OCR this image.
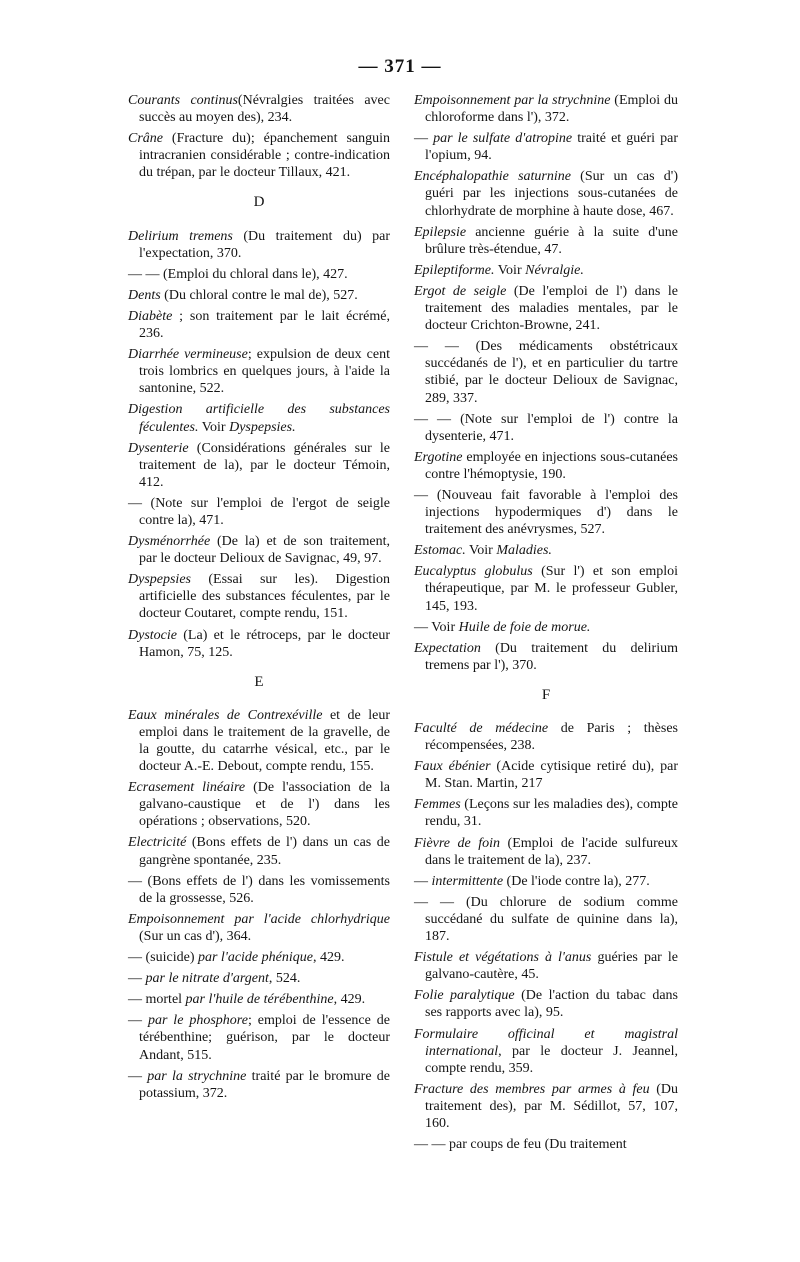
— 371 —

Courants continus(Névralgies traitées avec succès au moyen des), 234.

Crâne (Fracture du); épanchement sanguin intracranien considérable ; contre-indication du trépan, par le docteur Tillaux, 421.

D

Delirium tremens (Du traitement du) par l'expectation, 370.

— — (Emploi du chloral dans le), 427.

Dents (Du chloral contre le mal de), 527.

Diabète ; son traitement par le lait écrémé, 236.

Diarrhée vermineuse; expulsion de deux cent trois lombrics en quelques jours, à l'aide la santonine, 522.

Digestion artificielle des substances féculentes. Voir Dyspepsies.

Dysenterie (Considérations générales sur le traitement de la), par le docteur Témoin, 412.

— (Note sur l'emploi de l'ergot de seigle contre la), 471.

Dysménorrhée (De la) et de son traitement, par le docteur Delioux de Savignac, 49, 97.

Dyspepsies (Essai sur les). Digestion artificielle des substances féculentes, par le docteur Coutaret, compte rendu, 151.

Dystocie (La) et le rétroceps, par le docteur Hamon, 75, 125.

E

Eaux minérales de Contrexéville et de leur emploi dans le traitement de la gravelle, de la goutte, du catarrhe vésical, etc., par le docteur A.-E. Debout, compte rendu, 155.

Ecrasement linéaire (De l'association de la galvano-caustique et de l') dans les opérations ; observations, 520.

Electricité (Bons effets de l') dans un cas de gangrène spontanée, 235.

— (Bons effets de l') dans les vomissements de la grossesse, 526.

Empoisonnement par l'acide chlorhydrique (Sur un cas d'), 364.

— (suicide) par l'acide phénique, 429.

— par le nitrate d'argent, 524.

— mortel par l'huile de térébenthine, 429.

— par le phosphore; emploi de l'essence de térébenthine; guérison, par le docteur Andant, 515.

— par la strychnine traité par le bromure de potassium, 372.

Empoisonnement par la strychnine (Emploi du chloroforme dans l'), 372.

— par le sulfate d'atropine traité et guéri par l'opium, 94.

Encéphalopathie saturnine (Sur un cas d') guéri par les injections sous-cutanées de chlorhydrate de morphine à haute dose, 467.

Epilepsie ancienne guérie à la suite d'une brûlure très-étendue, 47.

Epileptiforme. Voir Névralgie.

Ergot de seigle (De l'emploi de l') dans le traitement des maladies mentales, par le docteur Crichton-Browne, 241.

— — (Des médicaments obstétricaux succédanés de l'), et en particulier du tartre stibié, par le docteur Delioux de Savignac, 289, 337.

— — (Note sur l'emploi de l') contre la dysenterie, 471.

Ergotine employée en injections sous-cutanées contre l'hémoptysie, 190.

— (Nouveau fait favorable à l'emploi des injections hypodermiques d') dans le traitement des anévrysmes, 527.

Estomac. Voir Maladies.

Eucalyptus globulus (Sur l') et son emploi thérapeutique, par M. le professeur Gubler, 145, 193.

— Voir Huile de foie de morue.

Expectation (Du traitement du delirium tremens par l'), 370.

F

Faculté de médecine de Paris ; thèses récompensées, 238.

Faux ébénier (Acide cytisique retiré du), par M. Stan. Martin, 217

Femmes (Leçons sur les maladies des), compte rendu, 31.

Fièvre de foin (Emploi de l'acide sulfureux dans le traitement de la), 237.

— intermittente (De l'iode contre la), 277.

— — (Du chlorure de sodium comme succédané du sulfate de quinine dans la), 187.

Fistule et végétations à l'anus guéries par le galvano-cautère, 45.

Folie paralytique (De l'action du tabac dans ses rapports avec la), 95.

Formulaire officinal et magistral international, par le docteur J. Jeannel, compte rendu, 359.

Fracture des membres par armes à feu (Du traitement des), par M. Sédillot, 57, 107, 160.

— — par coups de feu (Du traitement
